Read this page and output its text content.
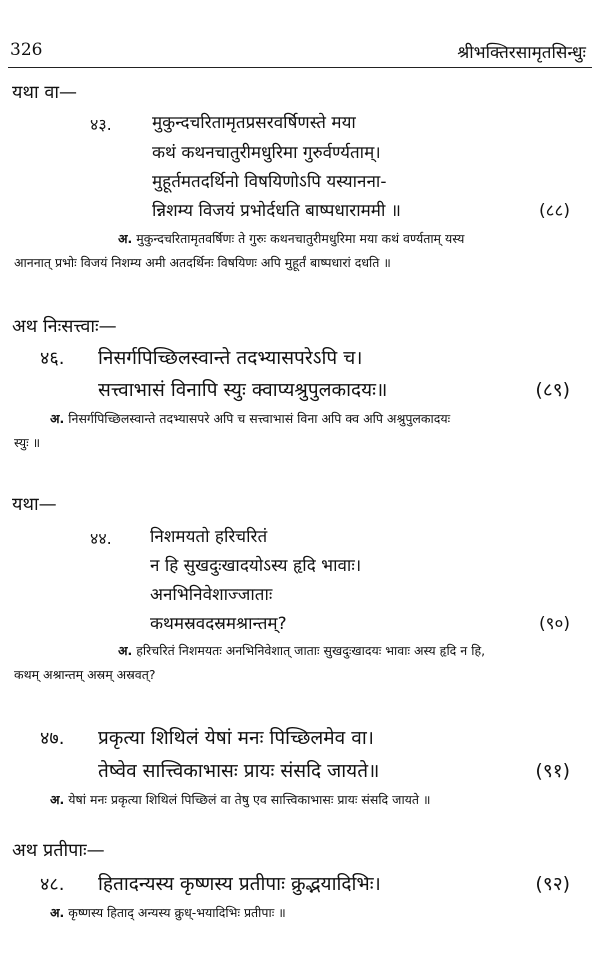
326	श्रीभक्तिरसामृतसिन्धुः
यथा वा—
४३. मुकुन्दचरितामृतप्रसरवर्षिणस्ते मया
कथं कथनचातुरीमधुरिमा गुरुर्वर्ण्यताम्।
मुहूर्तमतदर्थिनो विषयिणोऽपि यस्यानना-
न्निशम्य विजयं प्रभोर्दधति बाष्पधाराममी ॥	(८८)
अ. मुकुन्दचरितामृतवर्षिणः ते गुरुः कथनचातुरीमधुरिमा मया कथं वर्ण्यताम् यस्य
आननात् प्रभोः विजयं निशम्य अमी अतदर्थिनः विषयिणः अपि मुहूर्तं बाष्पधारां दधति ॥
अथ निःसत्त्वाः—
४६. निसर्गपिच्छिलस्वान्ते तदभ्यासपरेऽपि च।
सत्त्वाभासं विनापि स्युः क्वाप्यश्रुपुलकादयः॥	(८९)
अ. निसर्गपिच्छिलस्वान्ते तदभ्यासपरे अपि च सत्त्वाभासं विना अपि क्व अपि अश्रुपुलकादयः
स्युः ॥
यथा—
४४. निशमयतो हरिचरितं
न हि सुखदुःखादयोऽस्य हृदि भावाः।
अनभिनिवेशाज्जाताः
कथमस्रवदस्रमश्रान्तम्?	(९०)
अ. हरिचरितं निशमयतः अनभिनिवेशात् जाताः सुखदुःखादयः भावाः अस्य हृदि न हि,
कथम् अश्रान्तम् अस्रम् अस्रवत्?
४७. प्रकृत्या शिथिलं येषां मनः पिच्छिलमेव वा।
तेष्वेव सात्त्विकाभासः प्रायः संसदि जायते॥	(९१)
अ. येषां मनः प्रकृत्या शिथिलं पिच्छिलं वा तेषु एव सात्त्विकाभासः प्रायः संसदि जायते ॥
अथ प्रतीपाः—
४८. हितादन्यस्य कृष्णस्य प्रतीपाः क्रुद्भयादिभिः।	(९२)
अ. कृष्णस्य हिताद् अन्यस्य क्रुध्-भयादिभिः प्रतीपाः ॥
